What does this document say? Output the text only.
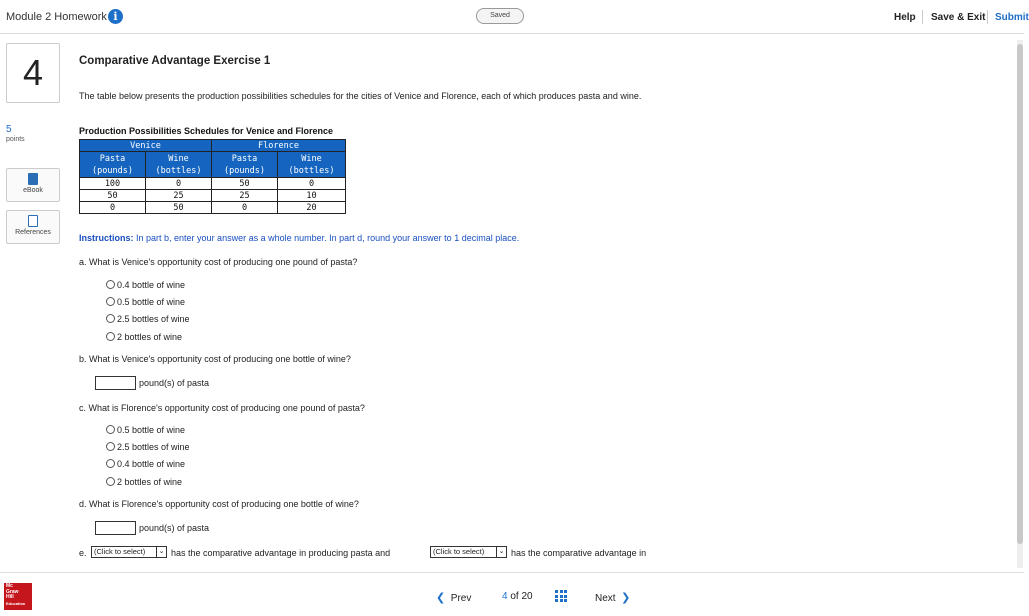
Module 2 Homework i	Saved	Help Save & Exit Submit
4
5
points
eBook
References
Comparative Advantage Exercise 1
The table below presents the production possibilities schedules for the cities of Venice and Florence, each of which produces pasta and wine.
Production Possibilities Schedules for Venice and Florence
Venice		Florence	
Pasta (pounds)	Wine (bottles)	Pasta (pounds)	Wine (bottles)
100	0	50	0
50	25	25	10
0	50	0	20
Instructions: In part b, enter your answer as a whole number. In part d, round your answer to 1 decimal place.
a. What is Venice's opportunity cost of producing one pound of pasta?
0.4 bottle of wine
0.5 bottle of wine
2.5 bottles of wine
2 bottles of wine
b. What is Venice's opportunity cost of producing one bottle of wine?
pound(s) of pasta
c. What is Florence's opportunity cost of producing one pound of pasta?
0.5 bottle of wine
2.5 bottles of wine
0.4 bottle of wine
2 bottles of wine
d. What is Florence's opportunity cost of producing one bottle of wine?
pound(s) of pasta
e. (Click to select)	⌄ has the comparative advantage in producing pasta and	(Click to select)	⌄ has the comparative advantage in
Mc
Graw
Hill
Education	❮ Prev	4 of 20	Next ❯
